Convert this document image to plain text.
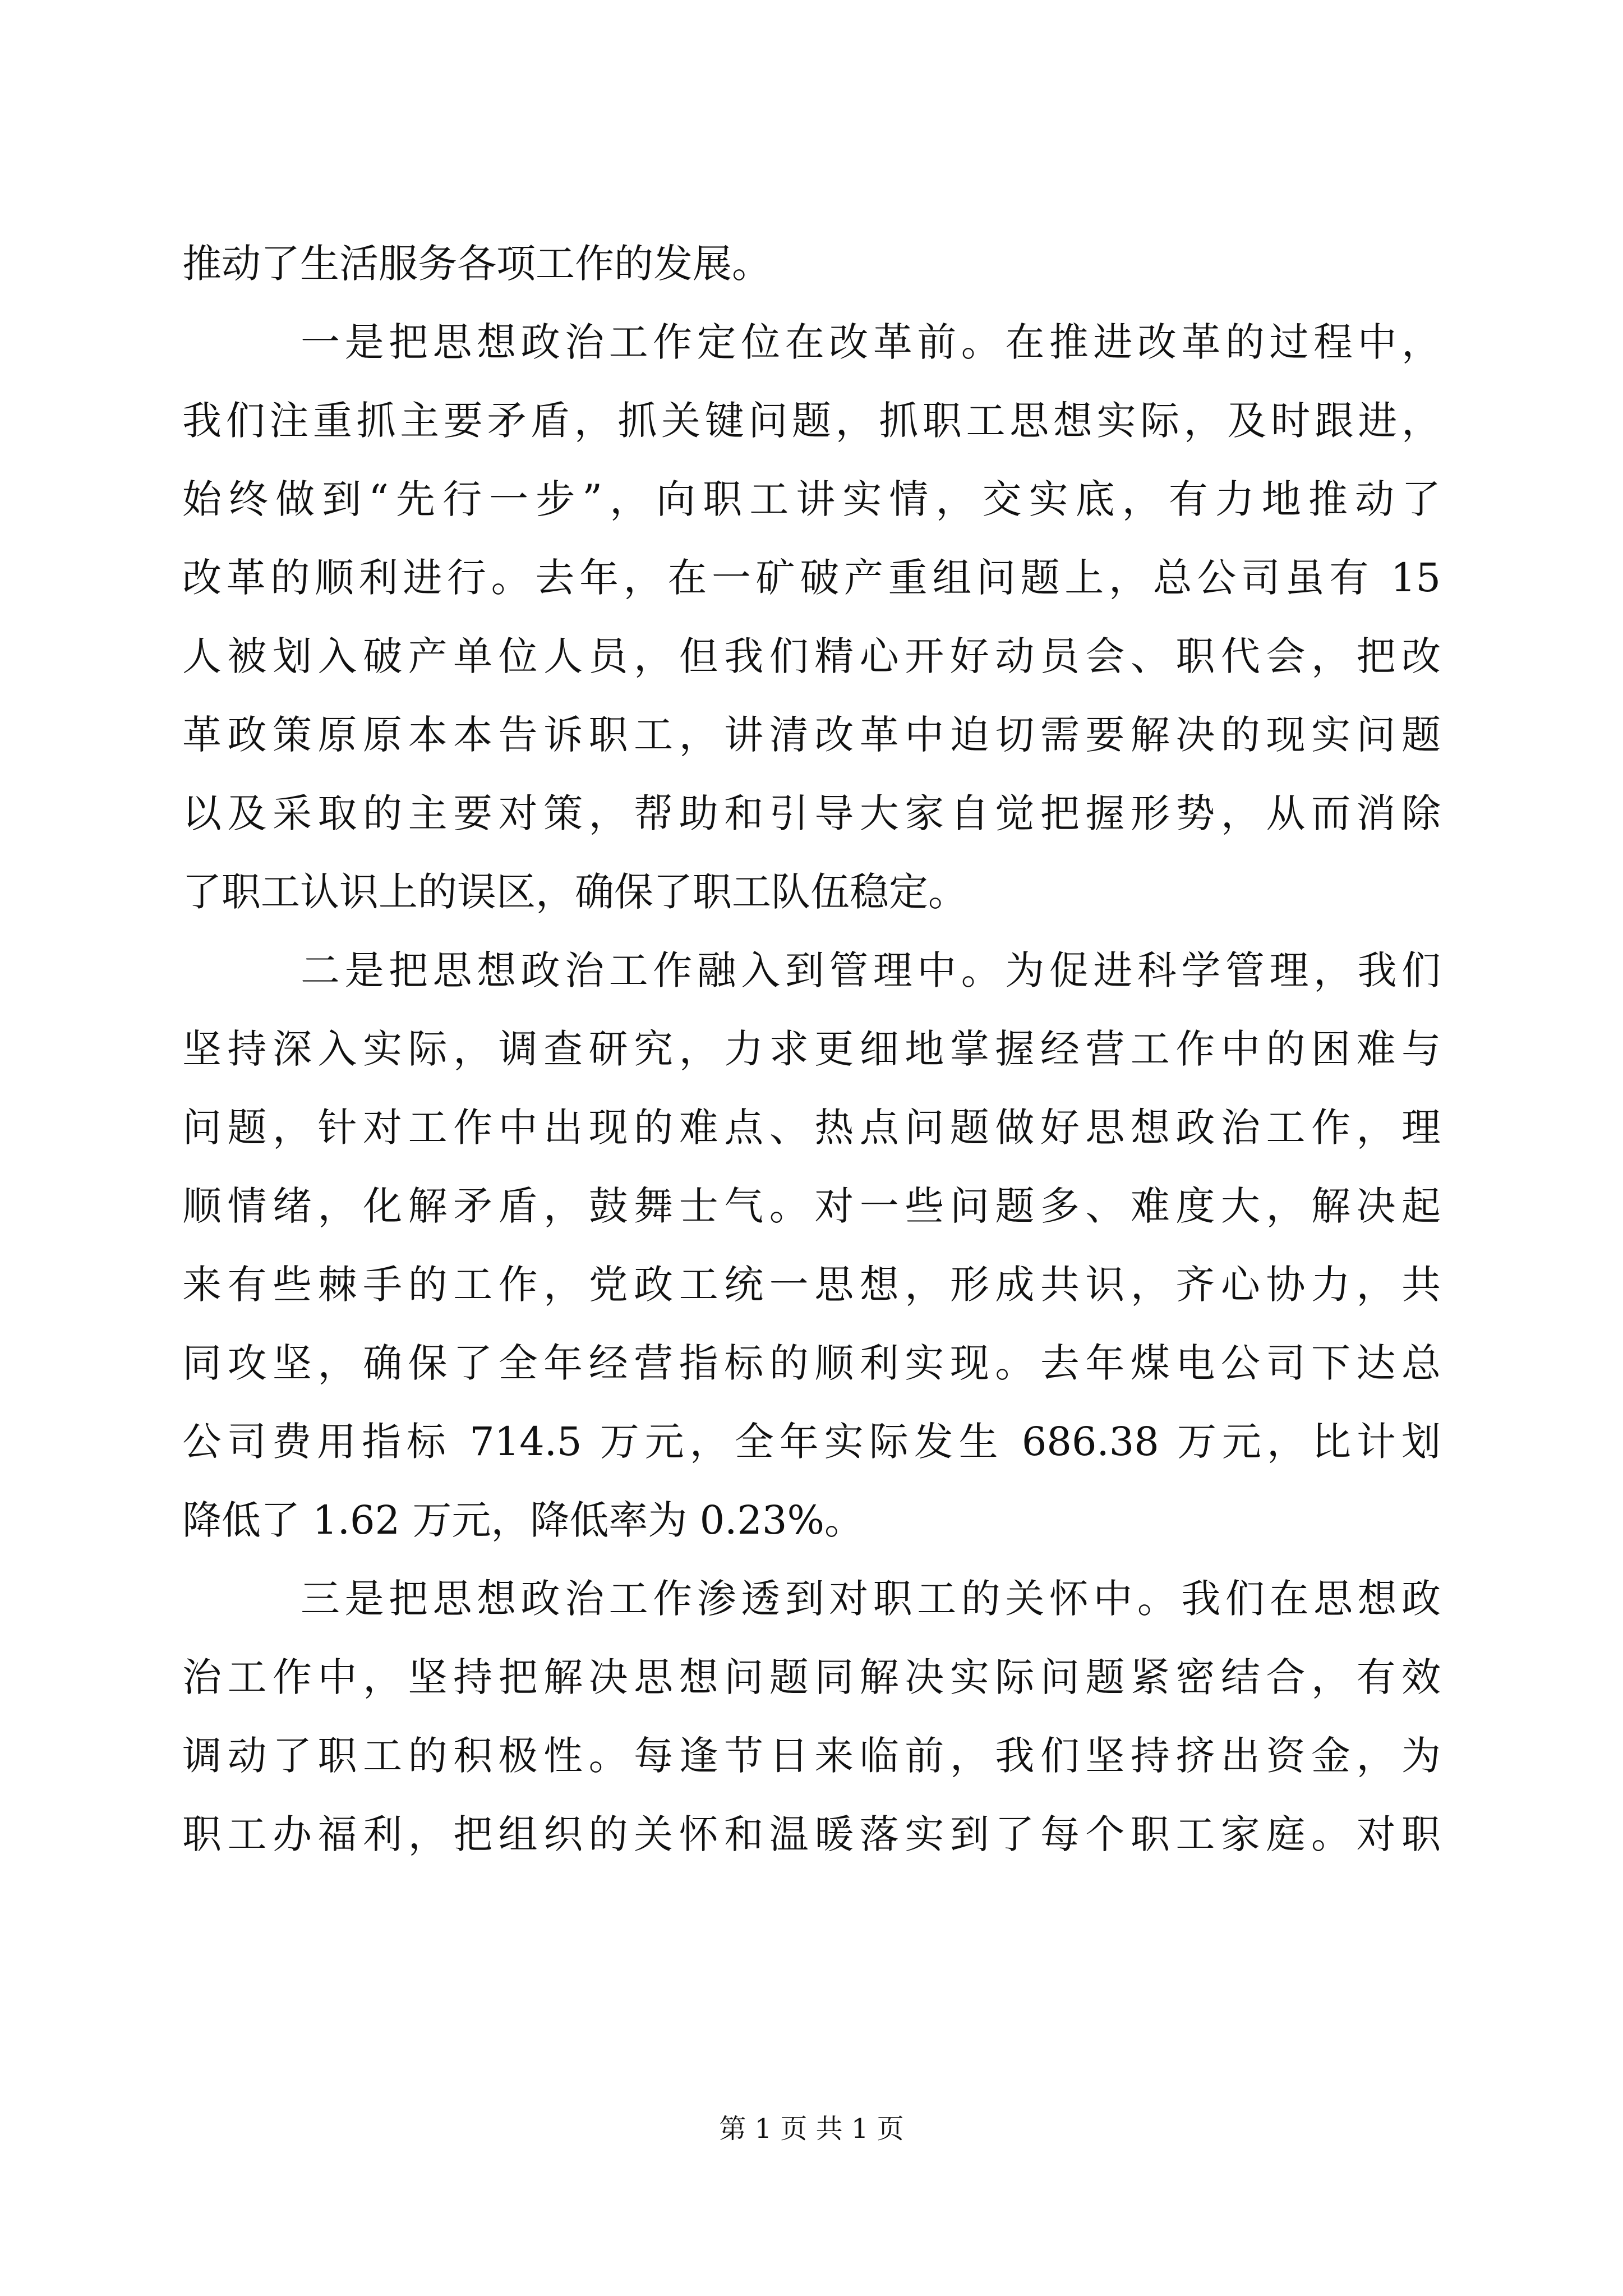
推动了生活服务各项工作的发展。
一是把思想政治工作定位在改革前。在推进改革的过程中，
我们注重抓主要矛盾，抓关键问题，抓职工思想实际，及时跟进，
始终做到“先行一步”，向职工讲实情，交实底，有力地推动了
改革的顺利进行。去年，在一矿破产重组问题上，总公司虽有 15
人被划入破产单位人员，但我们精心开好动员会、职代会，把改
革政策原原本本告诉职工，讲清改革中迫切需要解决的现实问题
以及采取的主要对策，帮助和引导大家自觉把握形势，从而消除
了职工认识上的误区，确保了职工队伍稳定。
二是把思想政治工作融入到管理中。为促进科学管理，我们
坚持深入实际，调查研究，力求更细地掌握经营工作中的困难与
问题，针对工作中出现的难点、热点问题做好思想政治工作，理
顺情绪，化解矛盾，鼓舞士气。对一些问题多、难度大，解决起
来有些棘手的工作，党政工统一思想，形成共识，齐心协力，共
同攻坚，确保了全年经营指标的顺利实现。去年煤电公司下达总
公司费用指标 714.5 万元，全年实际发生 686.38 万元，比计划
降低了 1.62 万元，降低率为 0.23%。
三是把思想政治工作渗透到对职工的关怀中。我们在思想政
治工作中，坚持把解决思想问题同解决实际问题紧密结合，有效
调动了职工的积极性。每逢节日来临前，我们坚持挤出资金，为
职工办福利，把组织的关怀和温暖落实到了每个职工家庭。对职
第 1 页 共 1 页
